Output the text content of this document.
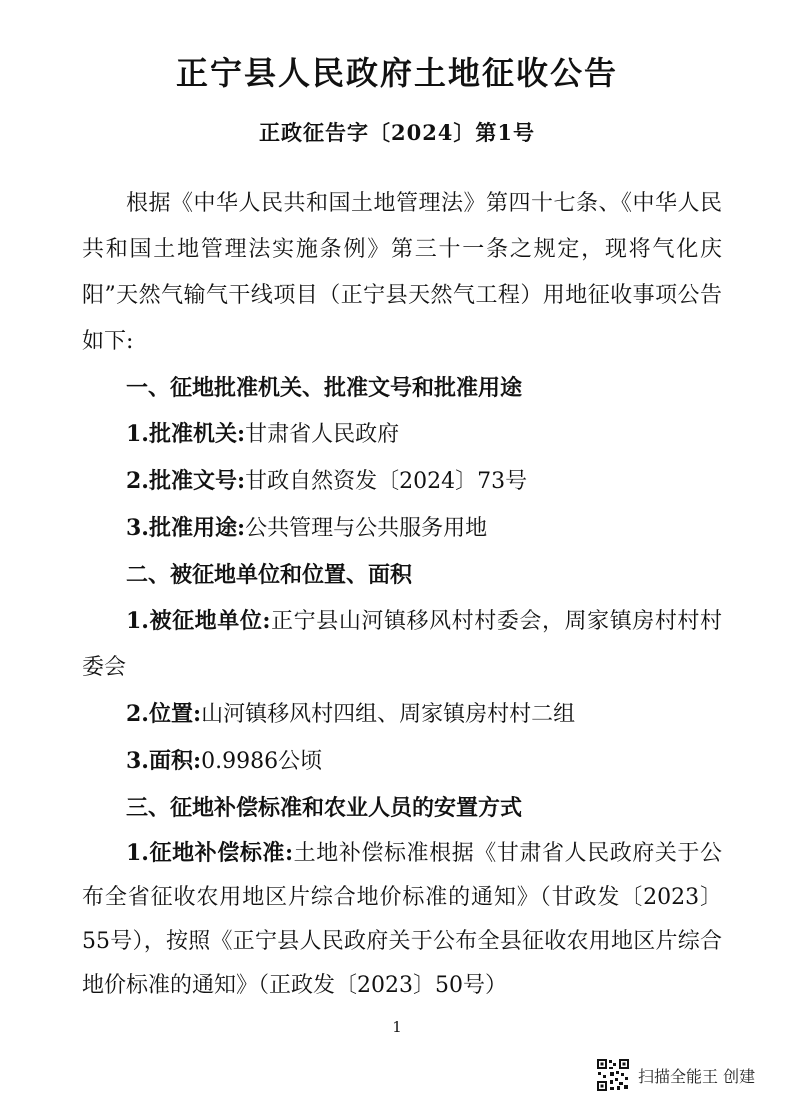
正宁县人民政府土地征收公告
正政征告字〔2024〕第1号

根据《中华人民共和国土地管理法》第四十七条、《中华人民共和国土地管理法实施条例》第三十一条之规定，现将气化庆阳”天然气输气干线项目（正宁县天然气工程）用地征收事项公告如下:

一、征地批准机关、批准文号和批准用途

1.批准机关:甘肃省人民政府

2.批准文号:甘政自然资发〔2024〕73号

3.批准用途:公共管理与公共服务用地

二、被征地单位和位置、面积

1.被征地单位:正宁县山河镇移风村村委会，周家镇房村村村委会

2.位置:山河镇移风村四组、周家镇房村村二组

3.面积:0.9986公顷

三、征地补偿标准和农业人员的安置方式

1.征地补偿标准:土地补偿标准根据《甘肃省人民政府关于公布全省征收农用地区片综合地价标准的通知》（甘政发〔2023〕55号），按照《正宁县人民政府关于公布全县征收农用地区片综合地价标准的通知》（正政发〔2023〕50号）

1
扫描全能王 创建
